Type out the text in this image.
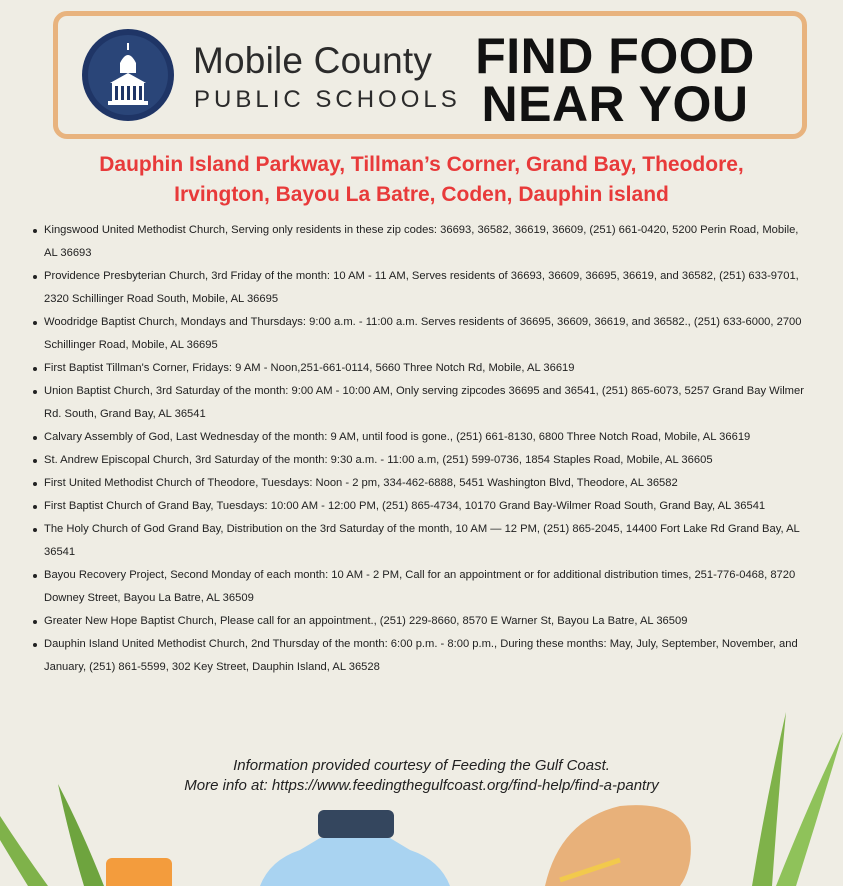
Mobile County
PUBLIC SCHOOLS
FIND FOOD
NEAR YOU
Dauphin Island Parkway, Tillman’s Corner, Grand Bay, Theodore,
Irvington, Bayou La Batre, Coden, Dauphin island
Kingswood United Methodist Church, Serving only residents in these zip codes: 36693, 36582, 36619, 36609, (251) 661-0420, 5200 Perin Road, Mobile, AL 36693
Providence Presbyterian Church, 3rd Friday of the month: 10 AM - 11 AM, Serves residents of 36693, 36609, 36695, 36619, and 36582, (251) 633-9701, 2320 Schillinger Road South, Mobile, AL 36695
Woodridge Baptist Church, Mondays and Thursdays: 9:00 a.m. - 11:00 a.m. Serves residents of 36695, 36609, 36619, and 36582., (251) 633-6000, 2700 Schillinger Road, Mobile, AL 36695
First Baptist Tillman's Corner, Fridays: 9 AM - Noon,251-661-0114, 5660 Three Notch Rd, Mobile, AL 36619
Union Baptist Church, 3rd Saturday of the month: 9:00 AM - 10:00 AM, Only serving zipcodes 36695 and 36541, (251) 865-6073, 5257 Grand Bay Wilmer Rd. South, Grand Bay, AL 36541
Calvary Assembly of God, Last Wednesday of the month: 9 AM, until food is gone., (251) 661-8130, 6800 Three Notch Road, Mobile, AL 36619
St. Andrew Episcopal Church, 3rd Saturday of the month: 9:30 a.m. - 11:00 a.m, (251) 599-0736, 1854 Staples Road, Mobile, AL 36605
First United Methodist Church of Theodore, Tuesdays: Noon - 2 pm, 334-462-6888, 5451 Washington Blvd, Theodore, AL 36582
First Baptist Church of Grand Bay, Tuesdays: 10:00 AM - 12:00 PM, (251) 865-4734, 10170 Grand Bay-Wilmer Road South, Grand Bay, AL 36541
The Holy Church of God Grand Bay, Distribution on the 3rd Saturday of the month, 10 AM — 12 PM, (251) 865-2045, 14400 Fort Lake Rd Grand Bay, AL 36541
Bayou Recovery Project, Second Monday of each month: 10 AM - 2 PM, Call for an appointment or for additional distribution times, 251-776-0468, 8720 Downey Street, Bayou La Batre, AL 36509
Greater New Hope Baptist Church, Please call for an appointment., (251) 229-8660, 8570 E Warner St, Bayou La Batre, AL 36509
Dauphin Island United Methodist Church, 2nd Thursday of the month: 6:00 p.m. - 8:00 p.m., During these months: May, July, September, November, and January, (251) 861-5599, 302 Key Street, Dauphin Island, AL 36528
Information provided courtesy of Feeding the Gulf Coast.
More info at: https://www.feedingthegulfcoast.org/find-help/find-a-pantry
